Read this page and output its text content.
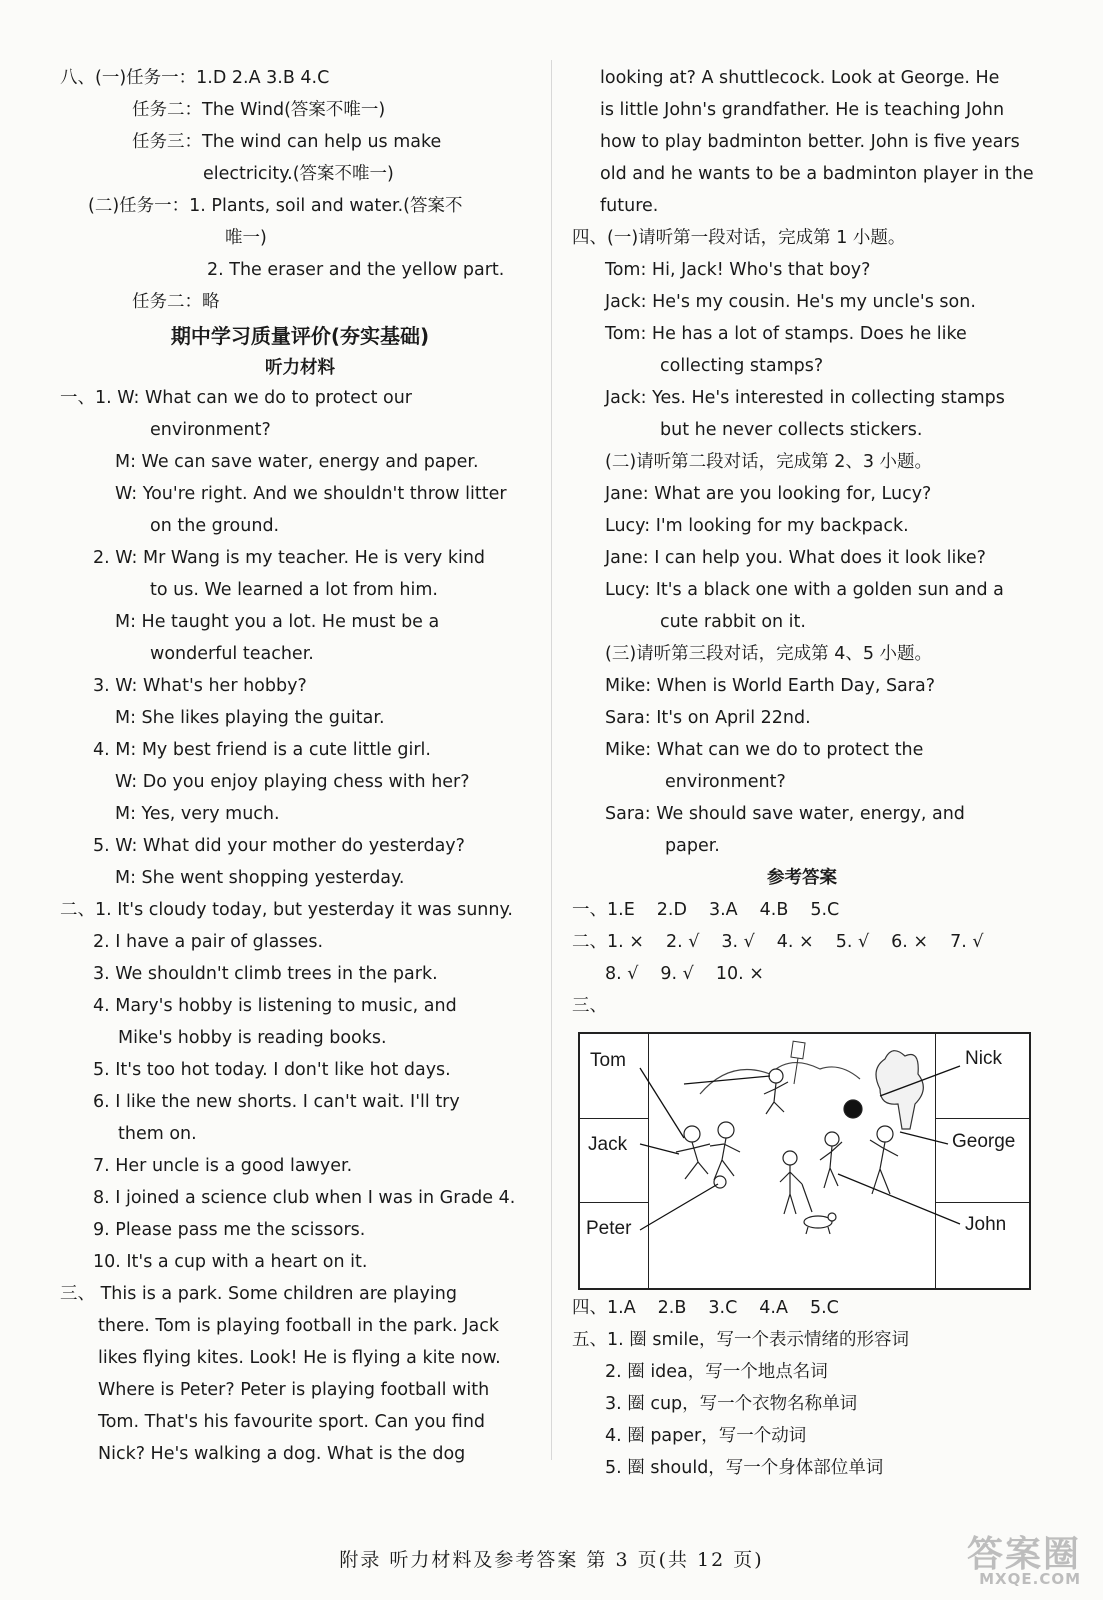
八、(一)任务一：1.D 2.A 3.B 4.C
任务二：The Wind(答案不唯一)
任务三：The wind can help us make
electricity.(答案不唯一)
(二)任务一：1. Plants, soil and water.(答案不
唯一)
2. The eraser and the yellow part.
任务二：略
期中学习质量评价(夯实基础)
听力材料
一、1. W: What can we do to protect our
environment?
M: We can save water, energy and paper.
W: You're right. And we shouldn't throw litter
on the ground.
2. W: Mr Wang is my teacher. He is very kind
to us. We learned a lot from him.
M: He taught you a lot. He must be a
wonderful teacher.
3. W: What's her hobby?
M: She likes playing the guitar.
4. M: My best friend is a cute little girl.
W: Do you enjoy playing chess with her?
M: Yes, very much.
5. W: What did your mother do yesterday?
M: She went shopping yesterday.
二、1. It's cloudy today, but yesterday it was sunny.
2. I have a pair of glasses.
3. We shouldn't climb trees in the park.
4. Mary's hobby is listening to music, and
Mike's hobby is reading books.
5. It's too hot today. I don't like hot days.
6. I like the new shorts. I can't wait. I'll try
them on.
7. Her uncle is a good lawyer.
8. I joined a science club when I was in Grade 4.
9. Please pass me the scissors.
10. It's a cup with a heart on it.
三、 This is a park. Some children are playing
there. Tom is playing football in the park. Jack
likes flying kites. Look! He is flying a kite now.
Where is Peter? Peter is playing football with
Tom. That's his favourite sport. Can you find
Nick? He's walking a dog. What is the dog
looking at? A shuttlecock. Look at George. He
is little John's grandfather. He is teaching John
how to play badminton better. John is five years
old and he wants to be a badminton player in the
future.
四、(一)请听第一段对话，完成第 1 小题。
Tom: Hi, Jack! Who's that boy?
Jack: He's my cousin. He's my uncle's son.
Tom: He has a lot of stamps. Does he like
collecting stamps?
Jack: Yes. He's interested in collecting stamps
but he never collects stickers.
(二)请听第二段对话，完成第 2、3 小题。
Jane: What are you looking for, Lucy?
Lucy: I'm looking for my backpack.
Jane: I can help you. What does it look like?
Lucy: It's a black one with a golden sun and a
cute rabbit on it.
(三)请听第三段对话，完成第 4、5 小题。
Mike: When is World Earth Day, Sara?
Sara: It's on April 22nd.
Mike: What can we do to protect the
environment?
Sara: We should save water, energy, and
paper.
参考答案
一、1.E 2.D 3.A 4.B 5.C
二、1. × 2. √ 3. √ 4. × 5. √ 6. × 7. √
8. √ 9. √ 10. ×
三、
Tom
Jack
Peter
Nick
George
John
四、1.A 2.B 3.C 4.A 5.C
五、1. 圈 smile，写一个表示情绪的形容词
2. 圈 idea，写一个地点名词
3. 圈 cup，写一个衣物名称单词
4. 圈 paper，写一个动词
5. 圈 should，写一个身体部位单词
附录 听力材料及参考答案 第 3 页(共 12 页)	答案圈
MXQE.COM
